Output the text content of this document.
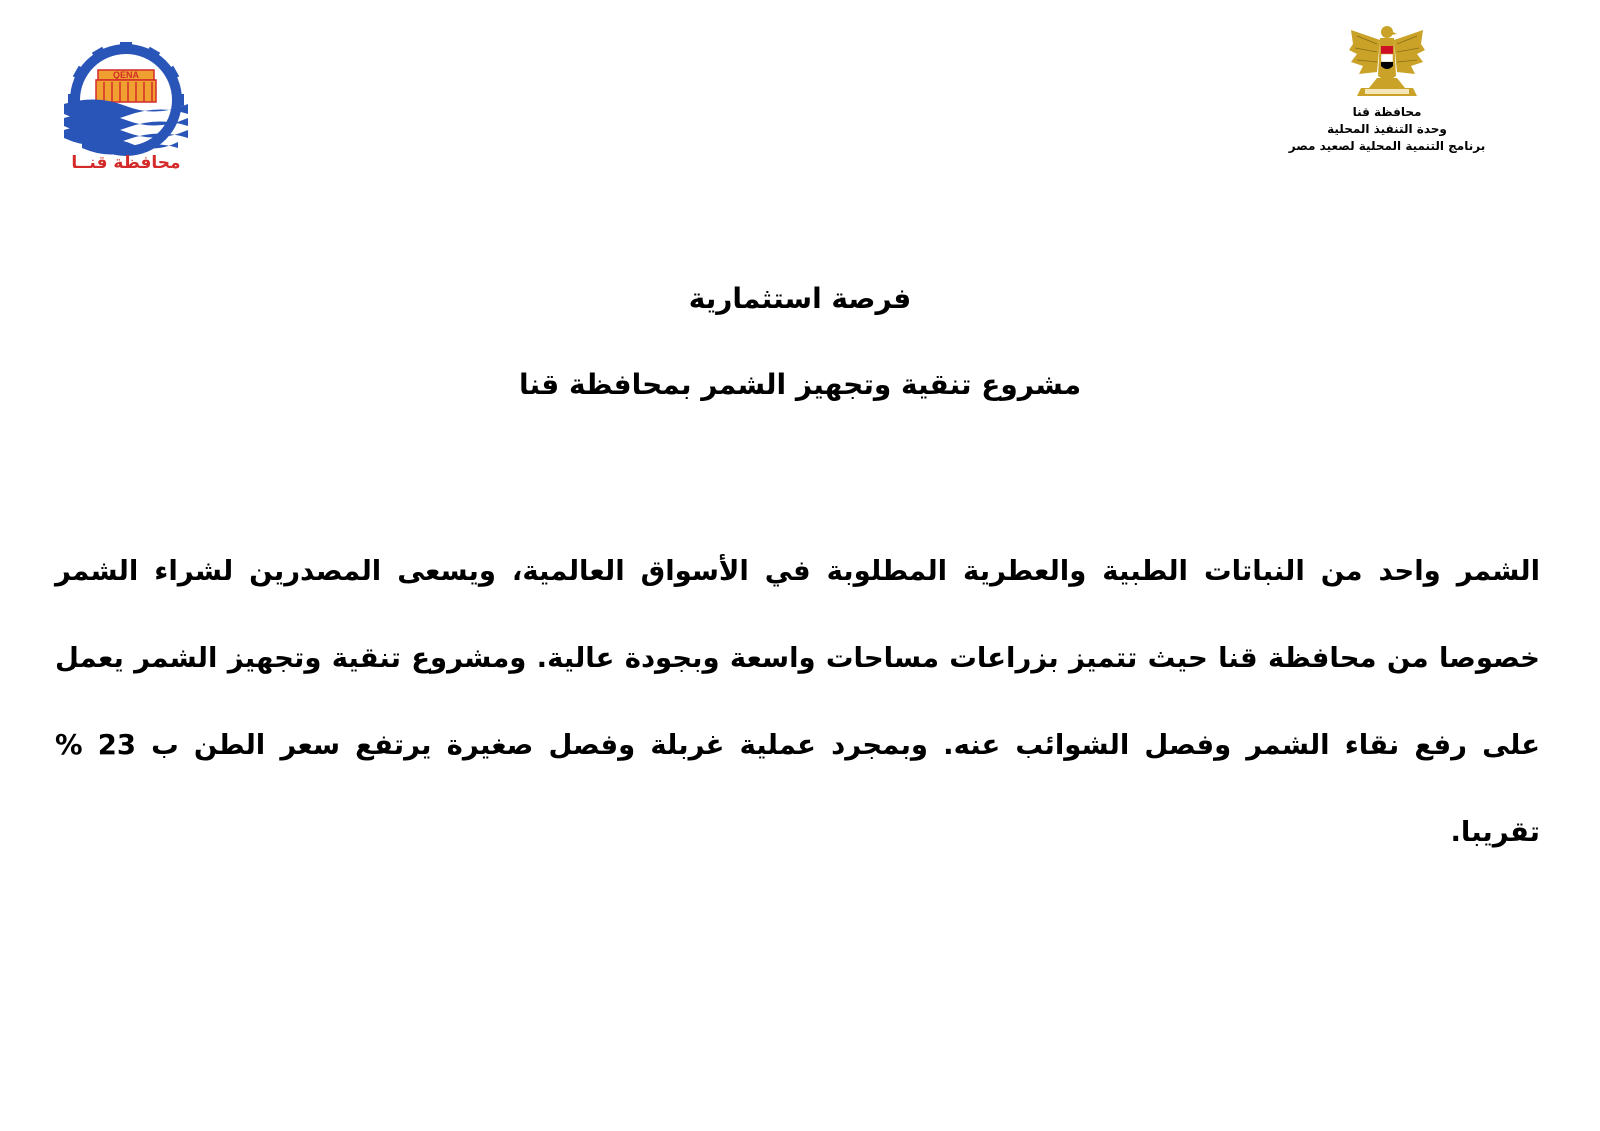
QENA
محافظة قنــا
محافظة قنا
وحدة التنفيذ المحلية
برنامج التنمية المحلية لصعيد مصر
فرصة استثمارية
مشروع تنقية وتجهيز الشمر بمحافظة قنا
الشمر واحد من النباتات الطبية والعطرية المطلوبة في الأسواق العالمية، ويسعى المصدرين لشراء الشمر خصوصا من محافظة قنا حيث تتميز بزراعات مساحات واسعة وبجودة عالية. ومشروع تنقية وتجهيز الشمر يعمل على رفع نقاء الشمر وفصل الشوائب عنه. وبمجرد عملية غربلة وفصل صغيرة يرتفع سعر الطن ب 23 % تقريبا.
